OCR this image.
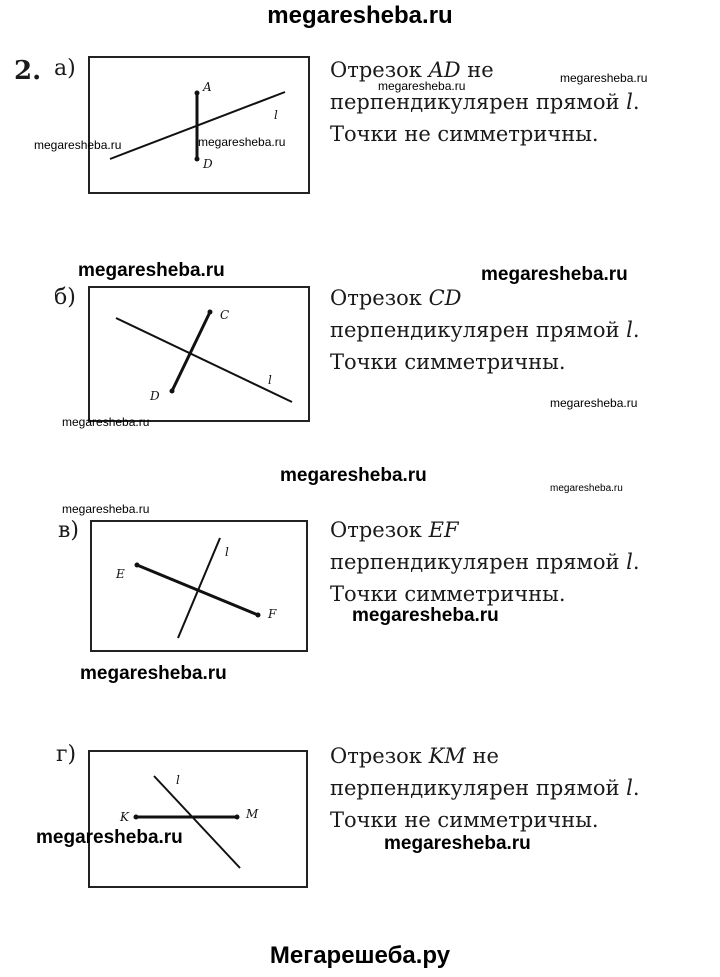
megaresheba.ru
2. а)
A
D
l
Отрезок AD не
перпендикулярен прямой l.
Точки не симметричны.
б)
C
D
l
Отрезок CD
перпендикулярен прямой l.
Точки симметричны.
в)
E
F
l
Отрезок EF
перпендикулярен прямой l.
Точки симметричны.
г)
K	M
l
Отрезок KM не
перпендикулярен прямой l.
Точки не симметричны.
megaresheba.ru
megaresheba.ru
megaresheba.ru	megaresheba.ru
megaresheba.ru	megaresheba.ru
megaresheba.ru
megaresheba.ru
megaresheba.ru
megaresheba.ru
megaresheba.ru
megaresheba.ru
megaresheba.ru
megaresheba.ru	megaresheba.ru
Мегарешеба.ру
